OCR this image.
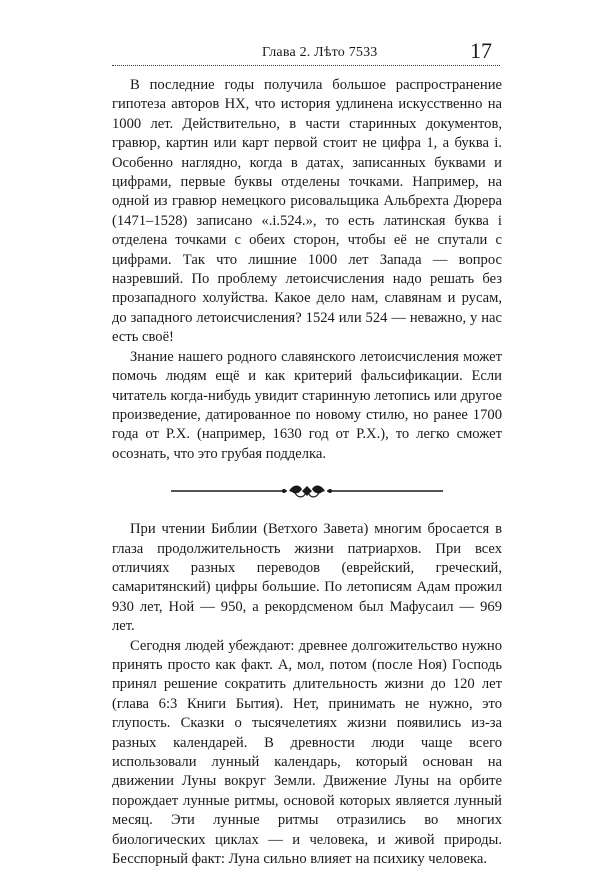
Глава 2. Лѣто 7533	17

В последние годы получила большое распространение гипотеза авторов НХ, что история удлинена искусственно на 1000 лет. Действительно, в части старинных документов, гравюр, картин или карт первой стоит не цифра 1, а буква i. Особенно наглядно, когда в датах, записанных буквами и цифрами, первые буквы отделены точками. Например, на одной из гравюр немецкого рисовальщика Альбрехта Дюрера (1471–1528) записано «.i.524.», то есть латинская буква i отделена точками с обеих сторон, чтобы её не спутали с цифрами. Так что лишние 1000 лет Запада — вопрос назревший. По проблему летоисчисления надо решать без прозападного холуйства. Какое дело нам, славянам и русам, до западного летоисчисления? 1524 или 524 — неважно, у нас есть своё!

Знание нашего родного славянского летоисчисления может помочь людям ещё и как критерий фальсификации. Если читатель когда-нибудь увидит старинную летопись или другое произведение, датированное по новому стилю, но ранее 1700 года от Р.Х. (например, 1630 год от Р.Х.), то легко сможет осознать, что это грубая подделка.

При чтении Библии (Ветхого Завета) многим бросается в глаза продолжительность жизни патриархов. При всех отличиях разных переводов (еврейский, греческий, самаритянский) цифры большие. По летописям Адам прожил 930 лет, Ной — 950, а рекордсменом был Мафусаил — 969 лет.

Сегодня людей убеждают: древнее долгожительство нужно принять просто как факт. А, мол, потом (после Ноя) Господь принял решение сократить длительность жизни до 120 лет (глава 6:3 Книги Бытия). Нет, принимать не нужно, это глупость. Сказки о тысячелетиях жизни появились из-за разных календарей. В древности люди чаще всего использовали лунный календарь, который основан на движении Луны вокруг Земли. Движение Луны на орбите порождает лунные ритмы, основой которых является лунный месяц. Эти лунные ритмы отразились во многих биологических циклах — и человека, и живой природы. Бесспорный факт: Луна сильно влияет на психику человека.
